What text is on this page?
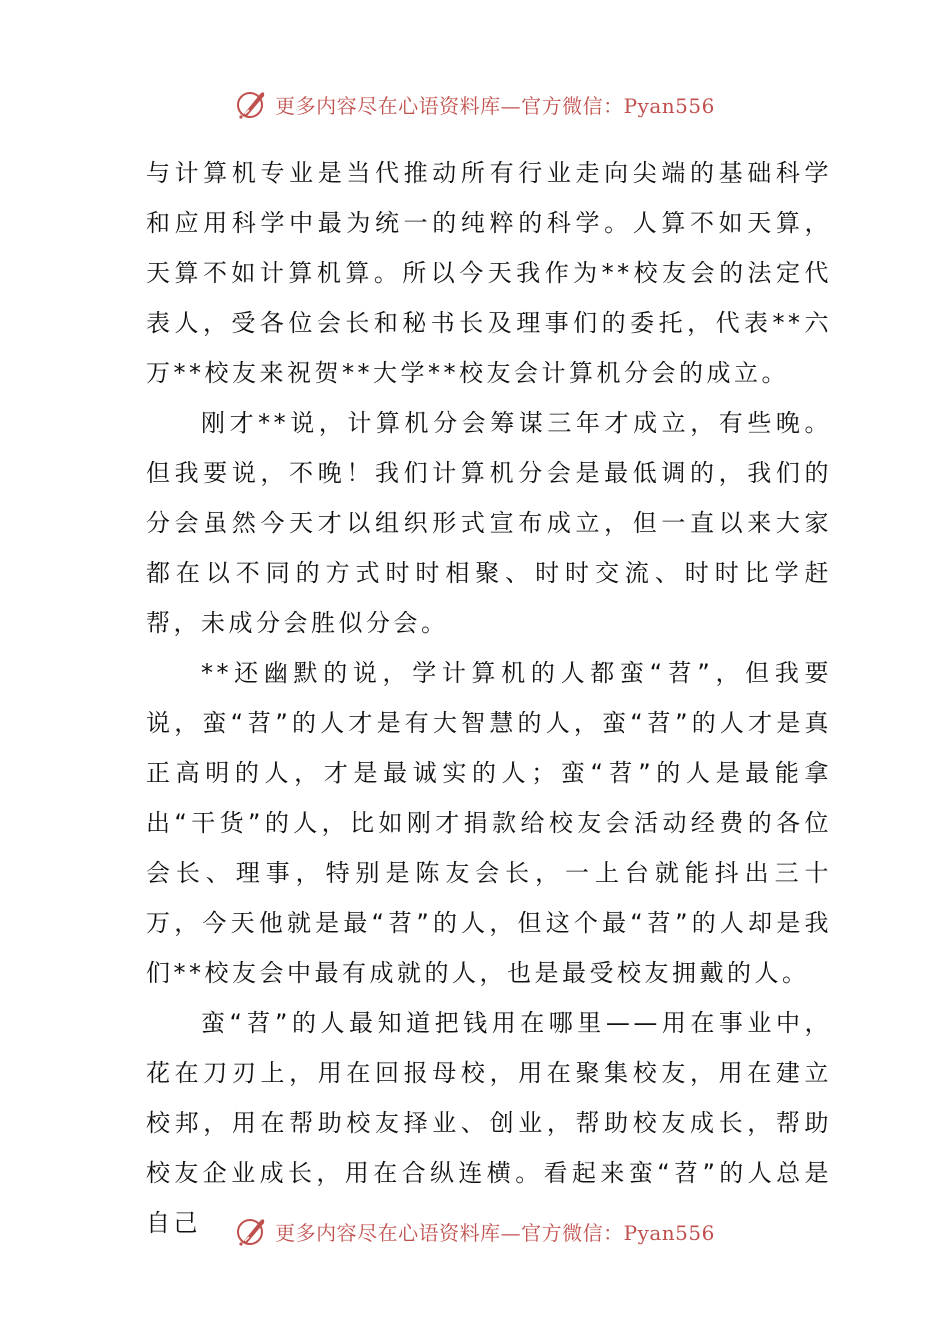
更多内容尽在心语资料库—官方微信：Pyan556

与计算机专业是当代推动所有行业走向尖端的基础科学和应用科学中最为统一的纯粹的科学。人算不如天算，天算不如计算机算。所以今天我作为**校友会的法定代表人，受各位会长和秘书长及理事们的委托，代表**六万**校友来祝贺**大学**校友会计算机分会的成立。

刚才**说，计算机分会筹谋三年才成立，有些晚。但我要说，不晚！我们计算机分会是最低调的，我们的分会虽然今天才以组织形式宣布成立，但一直以来大家都在以不同的方式时时相聚、时时交流、时时比学赶帮，未成分会胜似分会。

**还幽默的说，学计算机的人都蛮“苕”，但我要说，蛮“苕”的人才是有大智慧的人，蛮“苕”的人才是真正高明的人，才是最诚实的人；蛮“苕”的人是最能拿出“干货”的人，比如刚才捐款给校友会活动经费的各位会长、理事，特别是陈友会长，一上台就能抖出三十万，今天他就是最“苕”的人，但这个最“苕”的人却是我们**校友会中最有成就的人，也是最受校友拥戴的人。

蛮“苕”的人最知道把钱用在哪里——用在事业中，花在刀刃上，用在回报母校，用在聚集校友，用在建立校邦，用在帮助校友择业、创业，帮助校友成长，帮助校友企业成长，用在合纵连横。看起来蛮“苕”的人总是自己	更多内容尽在心语资料库—官方微信：Pyan556
